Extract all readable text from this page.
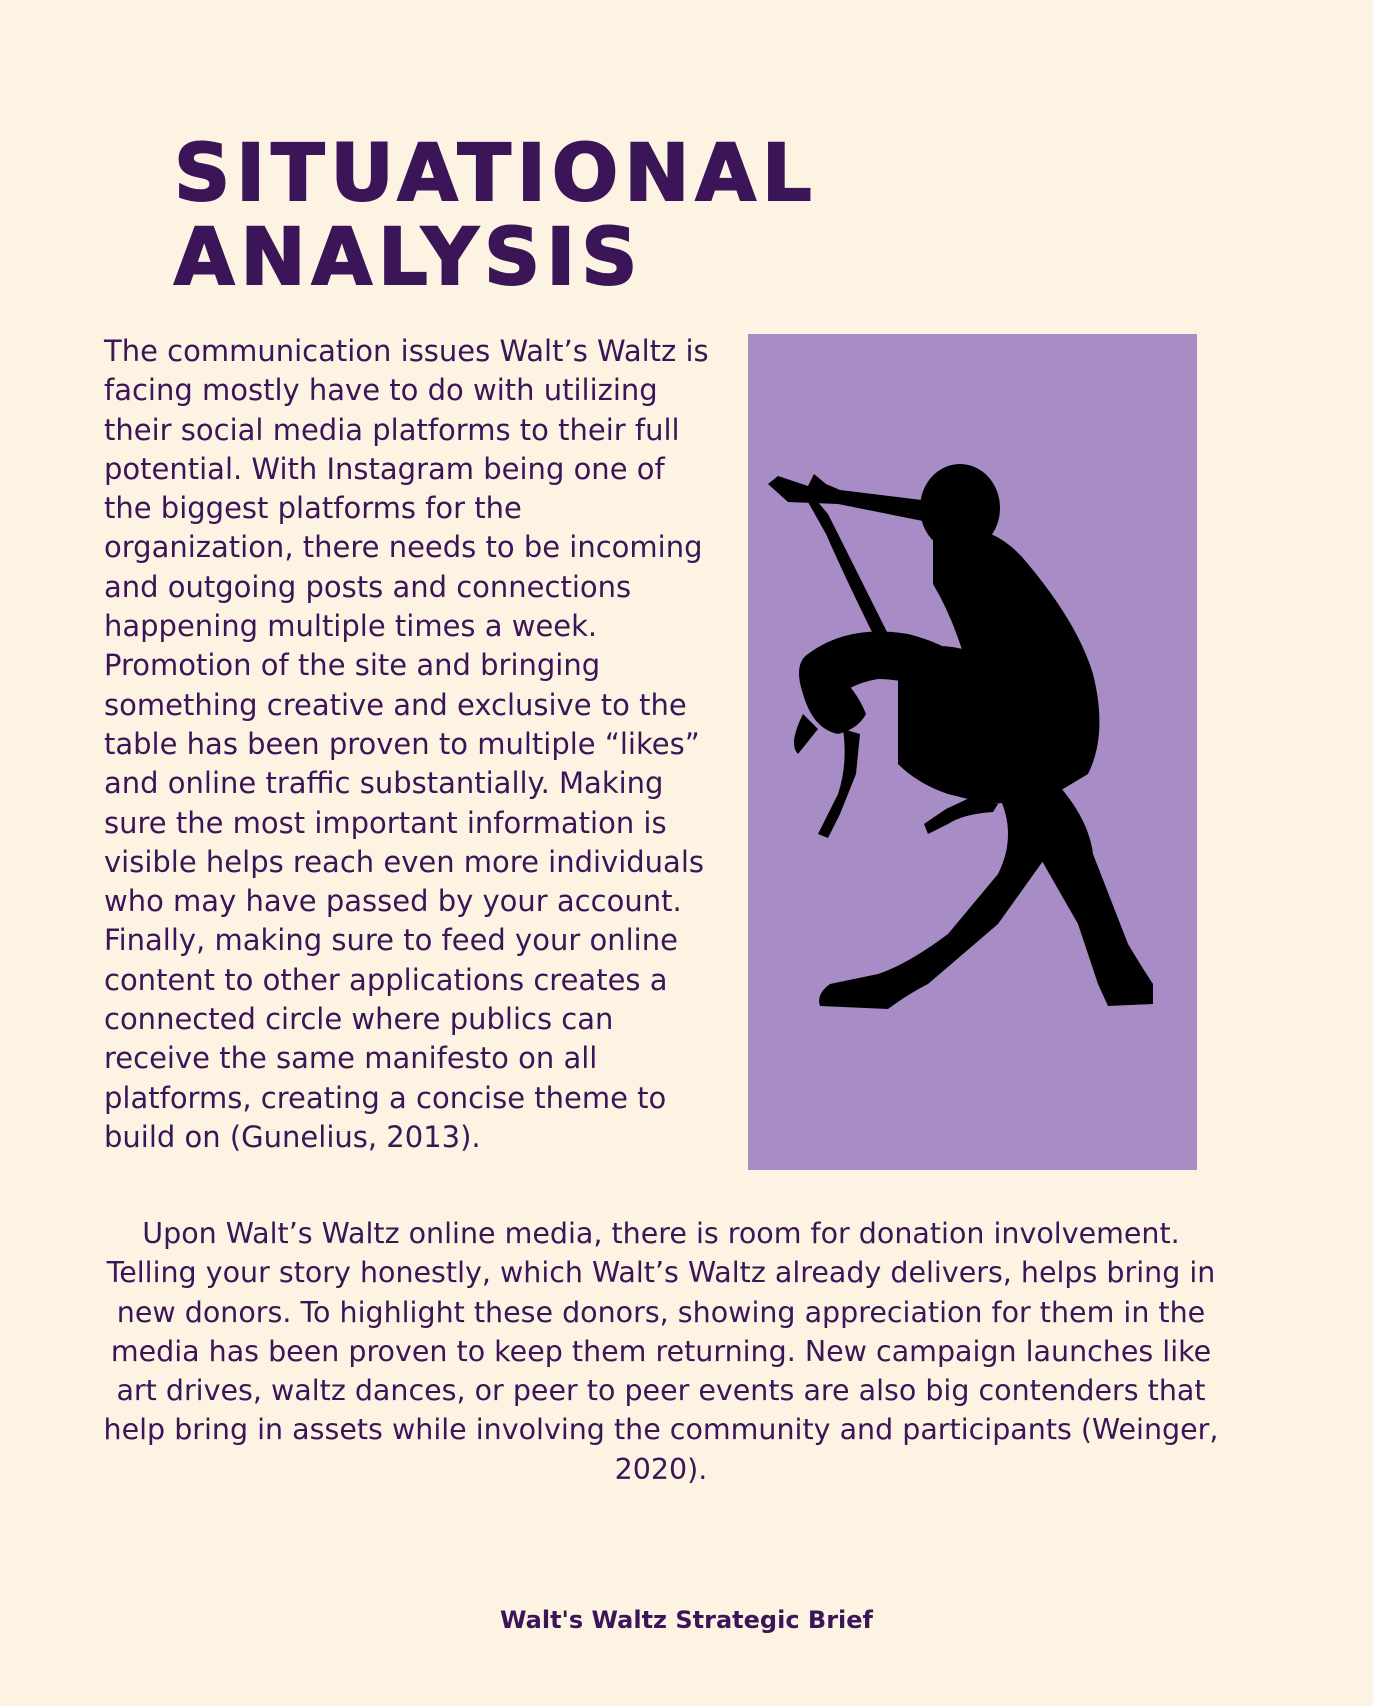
SITUATIONAL
ANALYSIS

The communication issues Walt’s Waltz is facing mostly have to do with utilizing their social media platforms to their full potential. With Instagram being one of the biggest platforms for the organization, there needs to be incoming and outgoing posts and connections happening multiple times a week. Promotion of the site and bringing something creative and exclusive to the table has been proven to multiple “likes” and online traffic substantially. Making sure the most important information is visible helps reach even more individuals who may have passed by your account. Finally, making sure to feed your online content to other applications creates a connected circle where publics can receive the same manifesto on all platforms, creating a concise theme to build on (Gunelius, 2013).

Upon Walt’s Waltz online media, there is room for donation involvement. Telling your story honestly, which Walt’s Waltz already delivers, helps bring in new donors. To highlight these donors, showing appreciation for them in the media has been proven to keep them returning. New campaign launches like art drives, waltz dances, or peer to peer events are also big contenders that help bring in assets while involving the community and participants (Weinger, 2020).

Walt's Waltz Strategic Brief
